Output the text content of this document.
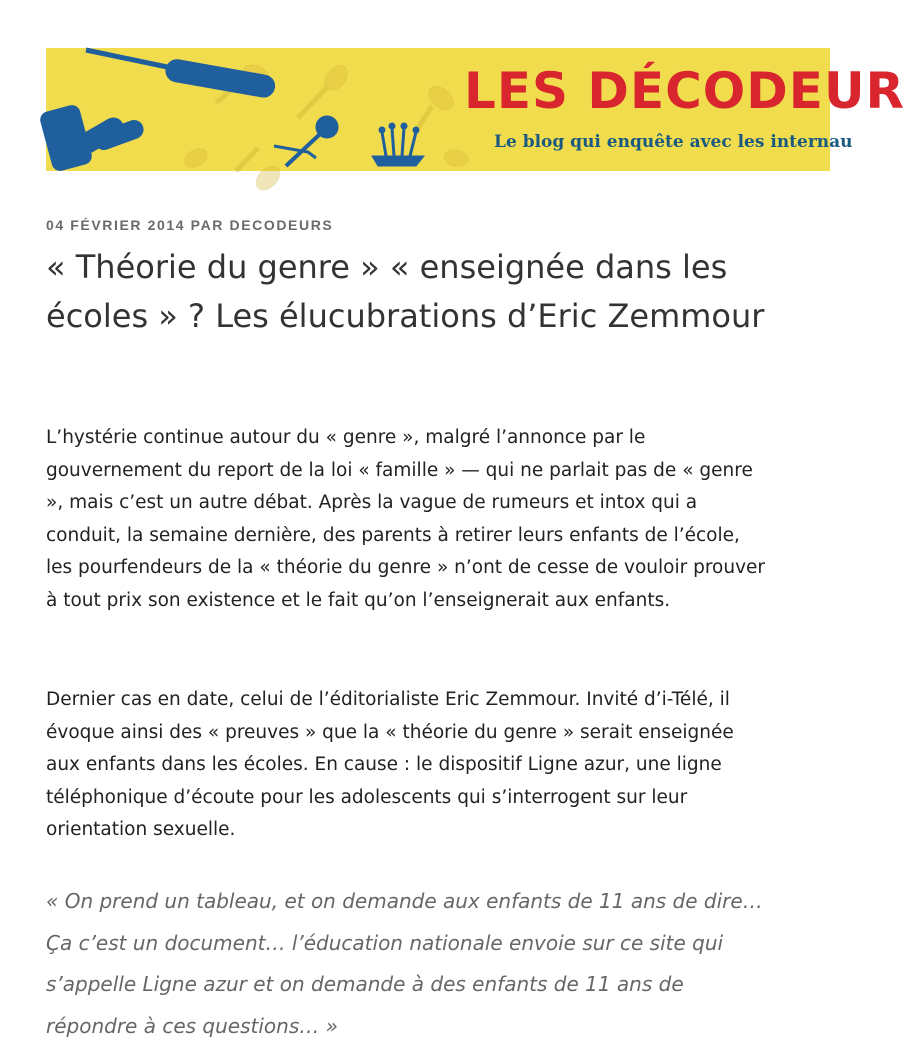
LES DÉCODEUR
Le blog qui enquête avec les internau
04 FÉVRIER 2014 PAR DECODEURS
« Théorie du genre » « enseignée dans les écoles » ? Les élucubrations d’Eric Zemmour

L’hystérie continue autour du « genre », malgré l’annonce par le gouvernement du report de la loi « famille » — qui ne parlait pas de « genre », mais c’est un autre débat. Après la vague de rumeurs et intox qui a conduit, la semaine dernière, des parents à retirer leurs enfants de l’école, les pourfendeurs de la « théorie du genre » n’ont de cesse de vouloir prouver à tout prix son existence et le fait qu’on l’enseignerait aux enfants.

Dernier cas en date, celui de l’éditorialiste Eric Zemmour. Invité d’i-Télé, il évoque ainsi des « preuves » que la « théorie du genre » serait enseignée aux enfants dans les écoles. En cause : le dispositif Ligne azur, une ligne téléphonique d’écoute pour les adolescents qui s’interrogent sur leur orientation sexuelle.

« On prend un tableau, et on demande aux enfants de 11 ans de dire… Ça c’est un document… l’éducation nationale envoie sur ce site qui s’appelle Ligne azur et on demande à des enfants de 11 ans de répondre à ces questions… »
